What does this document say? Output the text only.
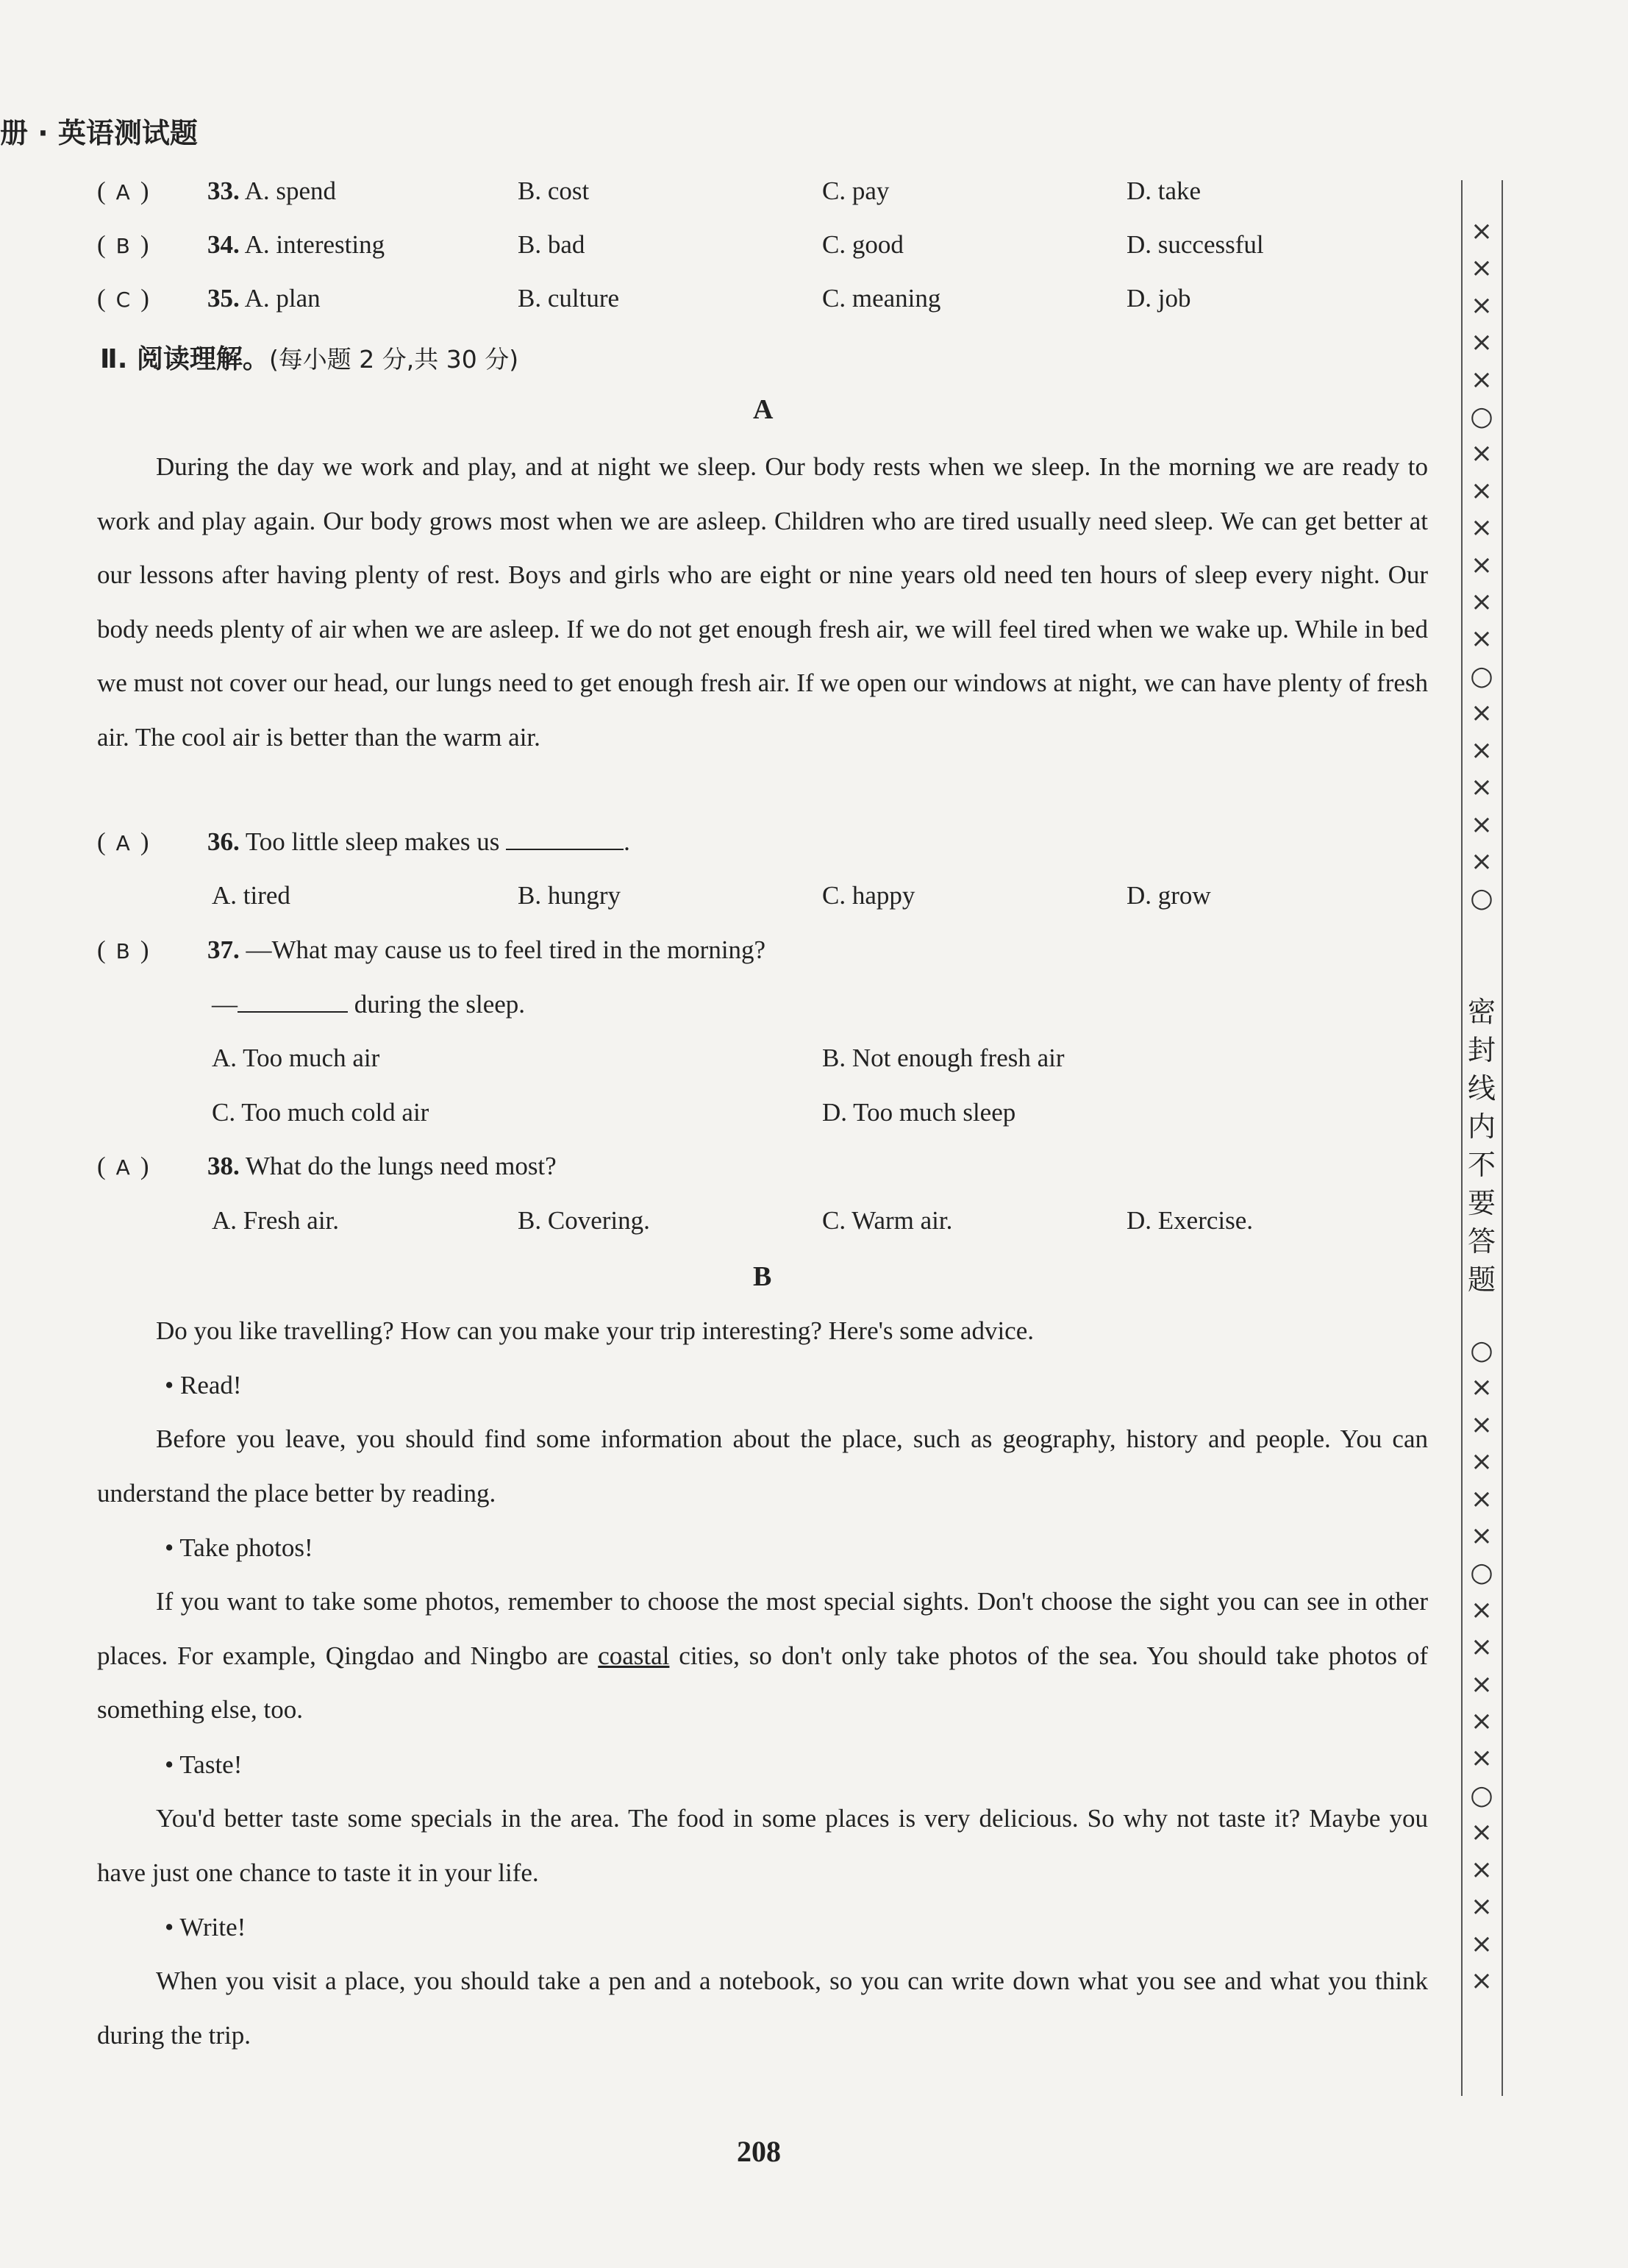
册 · 英语测试题
( A ) 33. A. spend	B. cost	C. pay	D. take
( B ) 34. A. interesting	B. bad	C. good	D. successful
( C ) 35. A. plan	B. culture	C. meaning	D. job
Ⅱ. 阅读理解。(每小题 2 分,共 30 分)
A
During the day we work and play, and at night we sleep. Our body rests when we sleep. In the morning we are ready to work and play again. Our body grows most when we are asleep. Children who are tired usually need sleep. We can get better at our lessons after having plenty of rest. Boys and girls who are eight or nine years old need ten hours of sleep every night. Our body needs plenty of air when we are asleep. If we do not get enough fresh air, we will feel tired when we wake up. While in bed we must not cover our head, our lungs need to get enough fresh air. If we open our windows at night, we can have plenty of fresh air. The cool air is better than the warm air.
( A ) 36. Too little sleep makes us	.
A. tired	B. hungry	C. happy	D. grow
( B ) 37. —What may cause us to feel tired in the morning?
—	during the sleep.
A. Too much air	B. Not enough fresh air
C. Too much cold air	D. Too much sleep
( A ) 38. What do the lungs need most?
A. Fresh air.	B. Covering.	C. Warm air.	D. Exercise.
B
Do you like travelling? How can you make your trip interesting? Here's some advice.
• Read!
Before you leave, you should find some information about the place, such as geography, history and people. You can understand the place better by reading.
• Take photos!
If you want to take some photos, remember to choose the most special sights. Don't choose the sight you can see in other places. For example, Qingdao and Ningbo are coastal cities, so don't only take photos of the sea. You should take photos of something else, too.
• Taste!
You'd better taste some specials in the area. The food in some places is very delicious. So why not taste it? Maybe you have just one chance to taste it in your life.
• Write!
When you visit a place, you should take a pen and a notebook, so you can write down what you see and what you think during the trip.
×××××○××××××○×××××○
密封线内不要答题
○×××××○×××××○×××××
208
